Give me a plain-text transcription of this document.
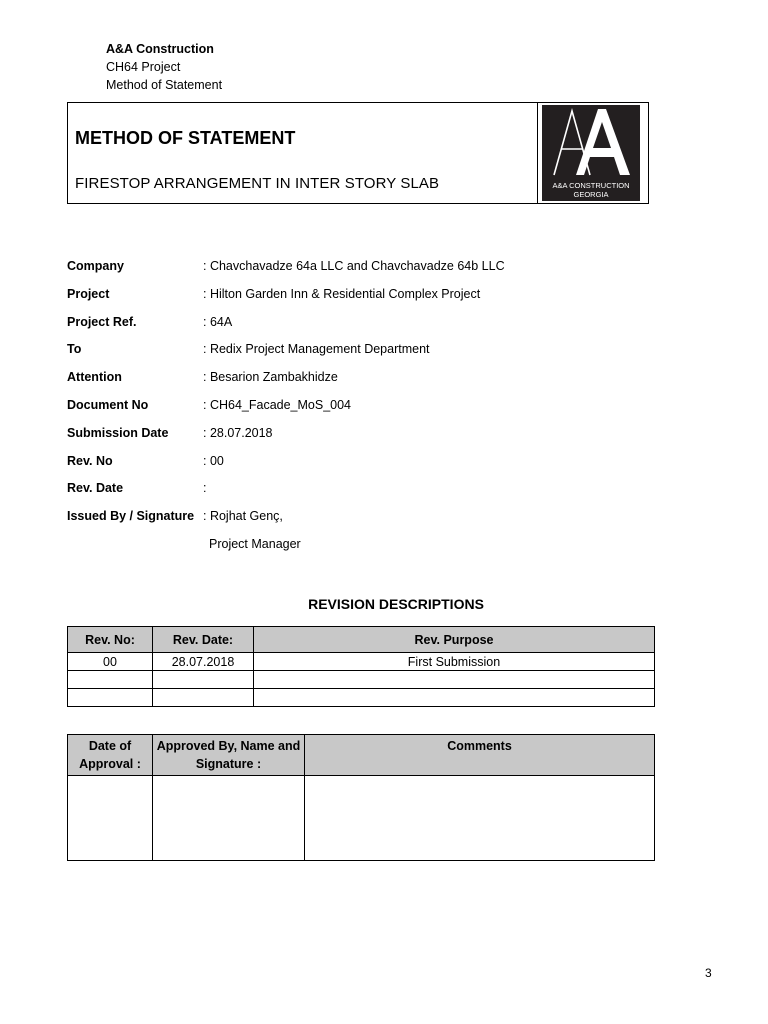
A&A Construction
CH64 Project
Method of Statement
METHOD OF STATEMENT
FIRESTOP ARRANGEMENT IN INTER STORY SLAB	A&A CONSTRUCTION
GEORGIA
Company	: Chavchavadze 64a LLC and Chavchavadze 64b LLC
Project	: Hilton Garden Inn & Residential Complex Project
Project Ref.	: 64A
To	: Redix Project Management Department
Attention	: Besarion Zambakhidze
Document No	: CH64_Facade_MoS_004
Submission Date	: 28.07.2018
Rev. No	: 00
Rev. Date	:
Issued By / Signature : Rojhat Genç,
Project Manager
REVISION DESCRIPTIONS
Rev. No:	Rev. Date:	Rev. Purpose
00	28.07.2018	First Submission

Date of Approval :	Approved By, Name and Signature :	Comments

3
